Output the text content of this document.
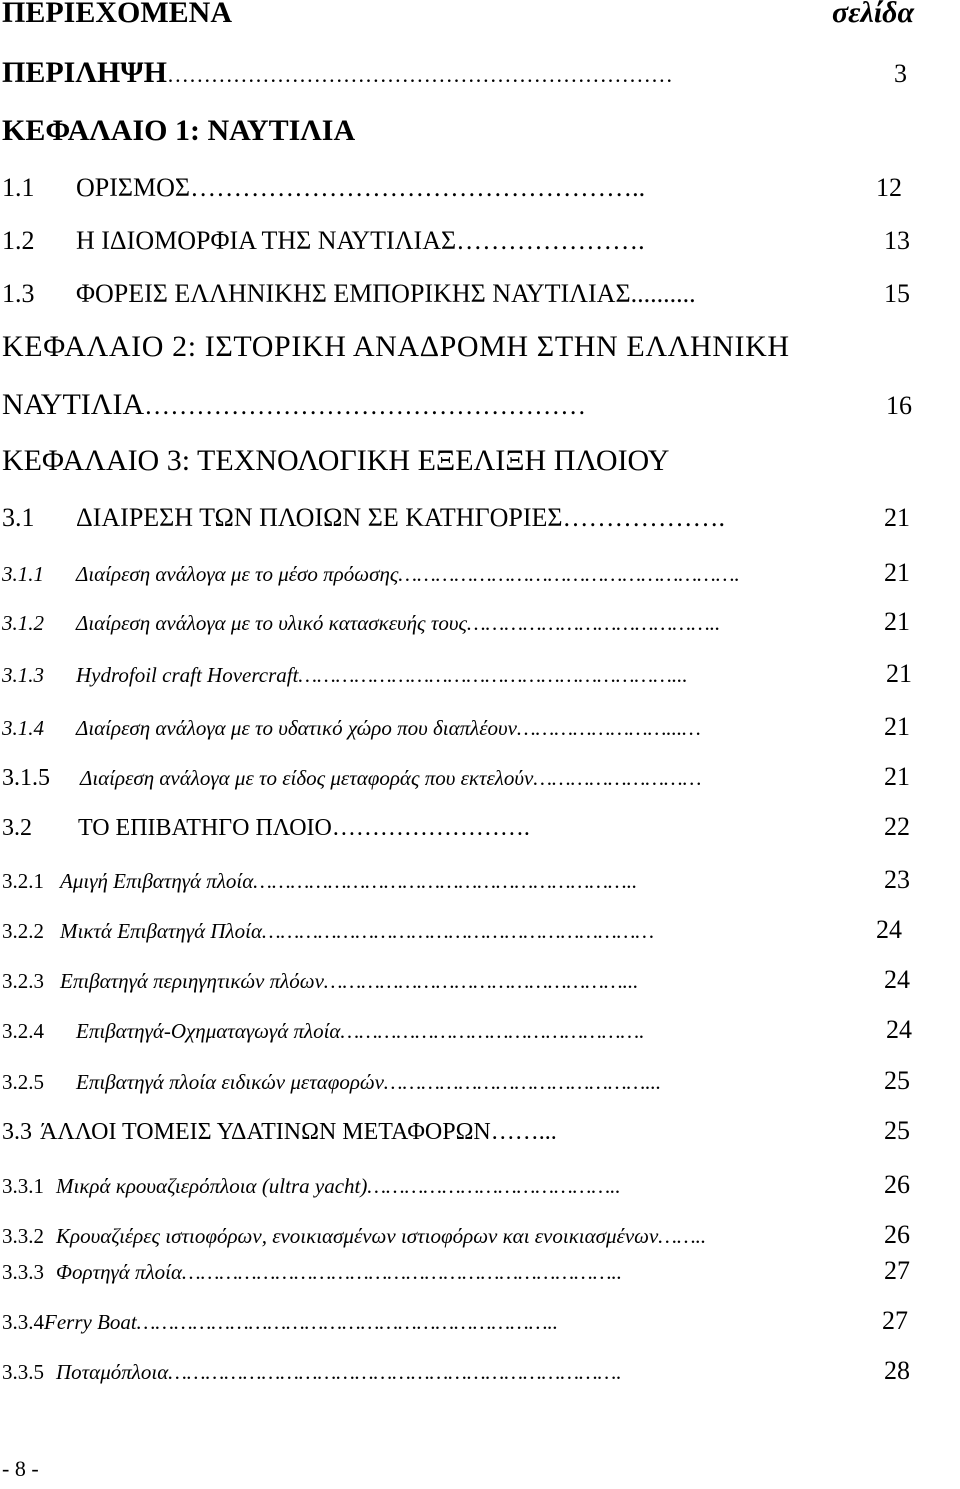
ΠΕΡΙΕΧΟΜΕΝΑ	σελίδα
ΠΕΡΙΛΗΨΗ ……………………………………………………………	3
ΚΕΦΑΛΑΙΟ 1: ΝΑΥΤΙΛΙΑ
1.1	ΟΡΙΣΜΟΣ ……………………………………………..	12
1.2	Η ΙΔΙΟΜΟΡΦΙΑ ΤΗΣ ΝΑΥΤΙΛΙΑΣ ………………….	13
1.3	ΦΟΡΕΙΣ ΕΛΛΗΝΙΚΗΣ ΕΜΠΟΡΙΚΗΣ ΝΑΥΤΙΛΙΑΣ ..........	15
ΚΕΦΑΛΑΙΟ 2: ΙΣΤΟΡΙΚΗ ΑΝΑΔΡΟΜΗ ΣΤΗΝ ΕΛΛΗΝΙΚΗ
ΝΑΥΤΙΛΙΑ ……………………………………………	16
ΚΕΦΑΛΑΙΟ 3: ΤΕΧΝΟΛΟΓΙΚΗ ΕΞΕΛΙΞΗ ΠΛΟΙΟΥ
3.1	ΔΙΑΙΡΕΣΗ ΤΩΝ ΠΛΟΙΩΝ ΣΕ ΚΑΤΗΓΟΡΙΕΣ ……………….	21
3.1.1	Διαίρεση ανάλογα με το μέσο πρόωσης ……………………………………………….	21
3.1.2	Διαίρεση ανάλογα με το υλικό κατασκευής τους …………………………………..	21
3.1.3	Hydrofoil craft Hovercraft ……………………………………………………...	21
3.1.4	Διαίρεση ανάλογα με το υδατικό χώρο που διαπλέουν ……………………...…	21
3.1.5	Διαίρεση ανάλογα με το είδος μεταφοράς που εκτελούν ………………………	21
3.2	ΤΟ ΕΠΙΒΑΤΗΓΟ ΠΛΟΙΟ …………………….	22
3.2.1 Αμιγή Επιβατηγά πλοία ……………………………………………………..	23
3.2.2 Μικτά Επιβατηγά Πλοία ………………………………………………………	24
3.2.3 Επιβατηγά περιηγητικών πλόων …………………………………………...	24
3.2.4	Επιβατηγά-Οχηματαγωγά πλοία ………………………………………….	24
3.2.5	Επιβατηγά πλοία ειδικών μεταφορών ……………………………………...	25
3.3 ΆΛΛΟΙ ΤΟΜΕΙΣ ΥΔΑΤΙΝΩΝ ΜΕΤΑΦΟΡΩΝ ……...	25
3.3.1 Μικρά κρουαζιερόπλοια (ultra yacht) …………………………………..	26
3.3.2 Κρουαζιέρες ιστιοφόρων, ενοικιασμένων ιστιοφόρων και ενοικιασμένων ……..	26
3.3.3 Φορτηγά πλοία ……………………………………………………………..	27
3.3.4 Ferry Boat …………………………………………………………..	27
3.3.5 Ποταμόπλοια ……………………………………………………………….	28
- 8 -
